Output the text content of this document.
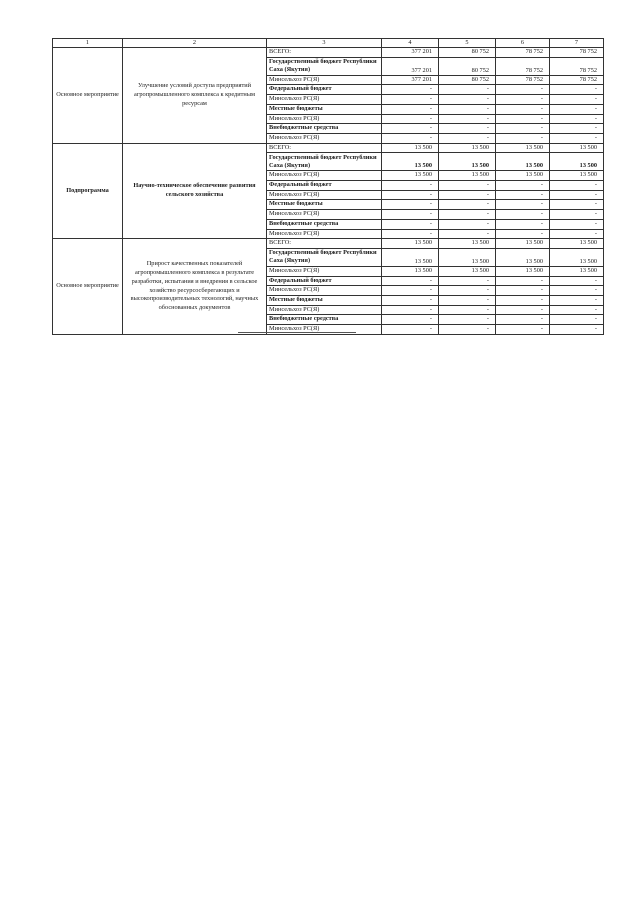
1	2	3	4	5	6	7
Основное мероприятие	Улучшение условий доступа предприятий агропромышленного комплекса к кредитным ресурсам	ВСЕГО:	377 201	80 752	78 752	78 752
		Государственный бюджет Республики Саха (Якутия)	377 201	80 752	78 752	78 752
		Минсельхоз РС(Я)	377 201	80 752	78 752	78 752
		Федеральный бюджет	-	-	-	-
		Минсельхоз РС(Я)	-	-	-	-
		Местные бюджеты	-	-	-	-
		Минсельхоз РС(Я)	-	-	-	-
		Внебюджетные средства	-	-	-	-
		Минсельхоз РС(Я)	-	-	-	-
Подпрограмма	Научно-техническое обеспечение развития сельского хозяйства	ВСЕГО:	13 500	13 500	13 500	13 500
		Государственный бюджет Республики Саха (Якутия)	13 500	13 500	13 500	13 500
		Минсельхоз РС(Я)	13 500	13 500	13 500	13 500
		Федеральный бюджет	-	-	-	-
		Минсельхоз РС(Я)	-	-	-	-
		Местные бюджеты	-	-	-	-
		Минсельхоз РС(Я)	-	-	-	-
		Внебюджетные средства	-	-	-	-
		Минсельхоз РС(Я)	-	-	-	-
Основное мероприятие	Прирост качественных показателей агропромышленного комплекса в результате разработки, испытания и внедрения в сельское хозяйство ресурсосберегающих и высокопроизводительных технологий, научных обоснованных документов	ВСЕГО:	13 500	13 500	13 500	13 500
		Государственный бюджет Республики Саха (Якутия)	13 500	13 500	13 500	13 500
		Минсельхоз РС(Я)	13 500	13 500	13 500	13 500
		Федеральный бюджет	-	-	-	-
		Минсельхоз РС(Я)	-	-	-	-
		Местные бюджеты	-	-	-	-
		Минсельхоз РС(Я)	-	-	-	-
		Внебюджетные средства	-	-	-	-
		Минсельхоз РС(Я)	-	-	-	-
